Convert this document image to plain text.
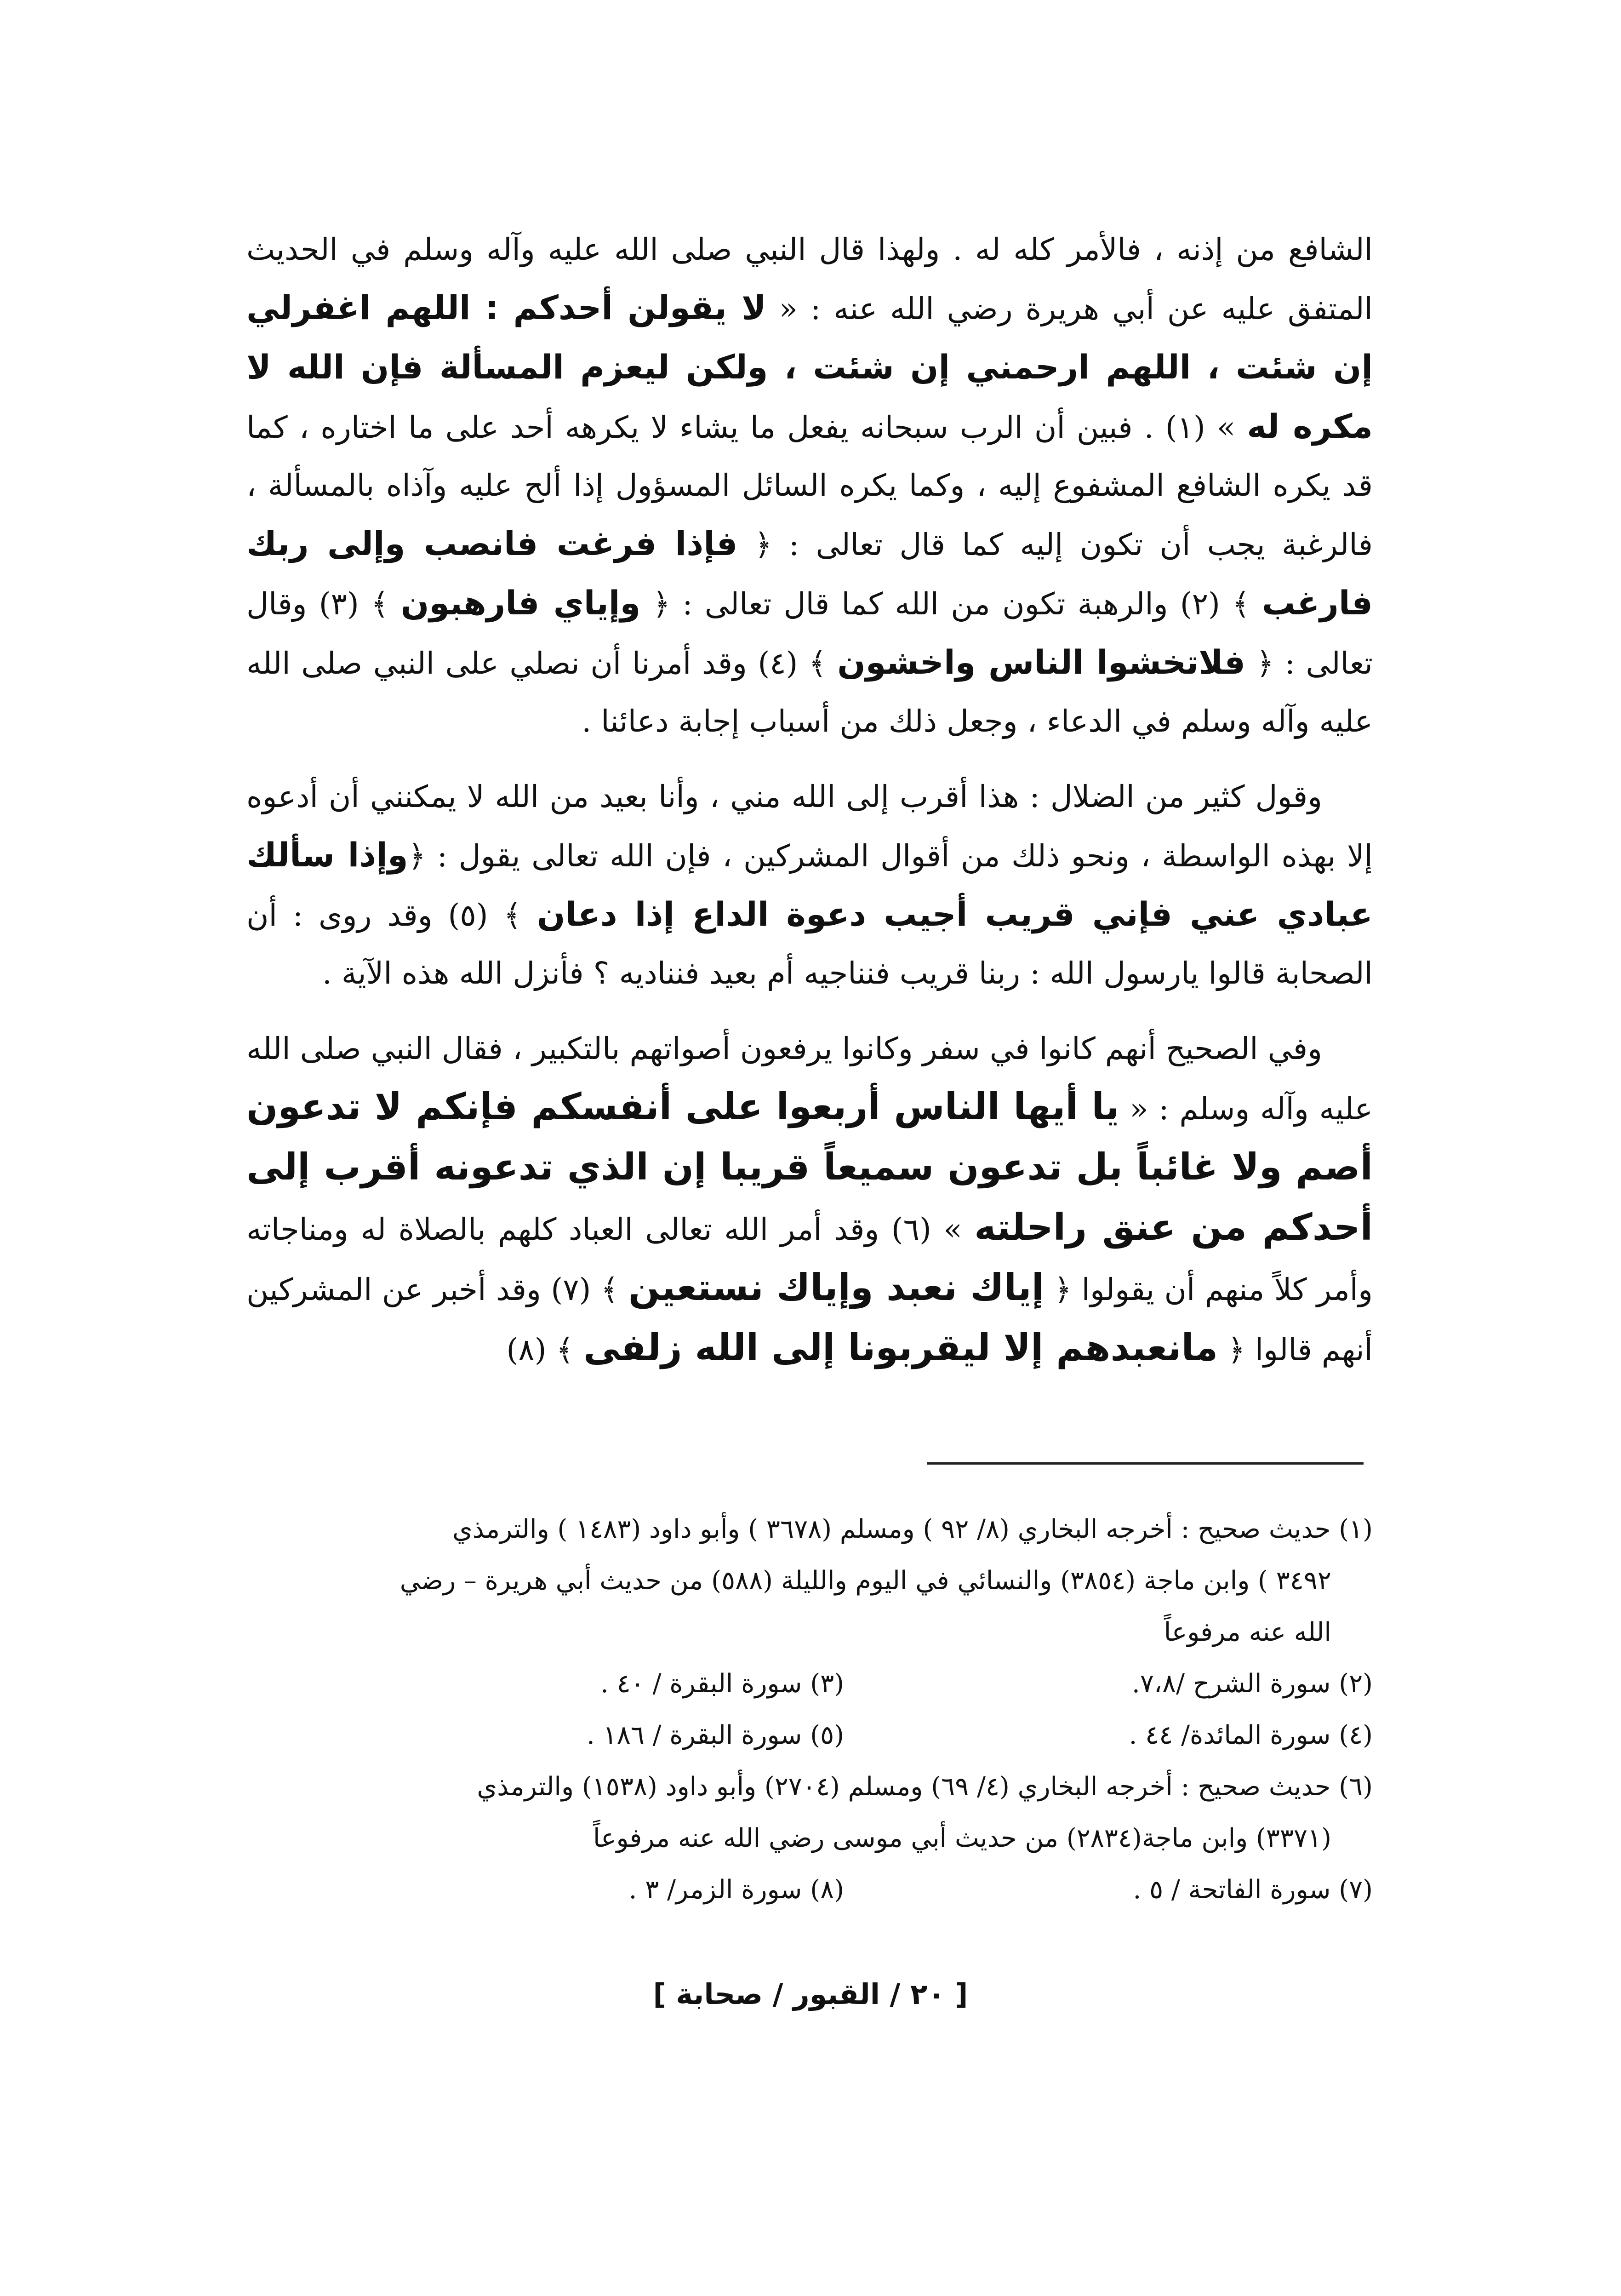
الشافع من إذنه ، فالأمر كله له . ولهذا قال النبي صلى الله عليه وآله وسلم في الحديث المتفق عليه عن أبي هريرة رضي الله عنه : « لا يقولن أحدكم : اللهم اغفرلي إن شئت ، اللهم ارحمني إن شئت ، ولكن ليعزم المسألة فإن الله لا مكره له » (١) . فبين أن الرب سبحانه يفعل ما يشاء لا يكرهه أحد على ما اختاره ، كما قد يكره الشافع المشفوع إليه ، وكما يكره السائل المسؤول إذا ألح عليه وآذاه بالمسألة ، فالرغبة يجب أن تكون إليه كما قال تعالى : ﴿ فإذا فرغت فانصب وإلى ربك فارغب ﴾ (٢) والرهبة تكون من الله كما قال تعالى : ﴿ وإياي فارهبون ﴾ (٣) وقال تعالى : ﴿ فلاتخشوا الناس واخشون ﴾ (٤) وقد أمرنا أن نصلي على النبي صلى الله عليه وآله وسلم في الدعاء ، وجعل ذلك من أسباب إجابة دعائنا .

وقول كثير من الضلال : هذا أقرب إلى الله مني ، وأنا بعيد من الله لا يمكنني أن أدعوه إلا بهذه الواسطة ، ونحو ذلك من أقوال المشركين ، فإن الله تعالى يقول : ﴿وإذا سألك عبادي عني فإني قريب أجيب دعوة الداع إذا دعان ﴾ (٥) وقد روى : أن الصحابة قالوا يارسول الله : ربنا قريب فنناجيه أم بعيد فنناديه ؟ فأنزل الله هذه الآية .

وفي الصحيح أنهم كانوا في سفر وكانوا يرفعون أصواتهم بالتكبير ، فقال النبي صلى الله عليه وآله وسلم : « يا أيها الناس أربعوا على أنفسكم فإنكم لا تدعون أصم ولا غائباً بل تدعون سميعاً قريبا إن الذي تدعونه أقرب إلى أحدكم من عنق راحلته » (٦) وقد أمر الله تعالى العباد كلهم بالصلاة له ومناجاته وأمر كلاً منهم أن يقولوا ﴿ إياك نعبد وإياك نستعين ﴾ (٧) وقد أخبر عن المشركين أنهم قالوا ﴿ مانعبدهم إلا ليقربونا إلى الله زلفى ﴾ (٨)

(١) حديث صحيح : أخرجه البخاري (٨/ ٩٢ ) ومسلم (٣٦٧٨ ) وأبو داود (١٤٨٣ ) والترمذي

٣٤٩٢ ) وابن ماجة (٣٨٥٤) والنسائي في اليوم والليلة (٥٨٨) من حديث أبي هريرة – رضي

الله عنه مرفوعاً

(٢) سورة الشرح /٧،٨.
(٣) سورة البقرة / ٤٠ .
(٤) سورة المائدة/ ٤٤ .
(٥) سورة البقرة / ١٨٦ .

(٦) حديث صحيح : أخرجه البخاري (٤/ ٦٩) ومسلم (٢٧٠٤) وأبو داود (١٥٣٨) والترمذي

(٣٣٧١) وابن ماجة(٢٨٣٤) من حديث أبي موسى رضي الله عنه مرفوعاً

(٧) سورة الفاتحة / ٥ .
(٨) سورة الزمر/ ٣ .
[ ٢٠ / القبور / صحابة ]
